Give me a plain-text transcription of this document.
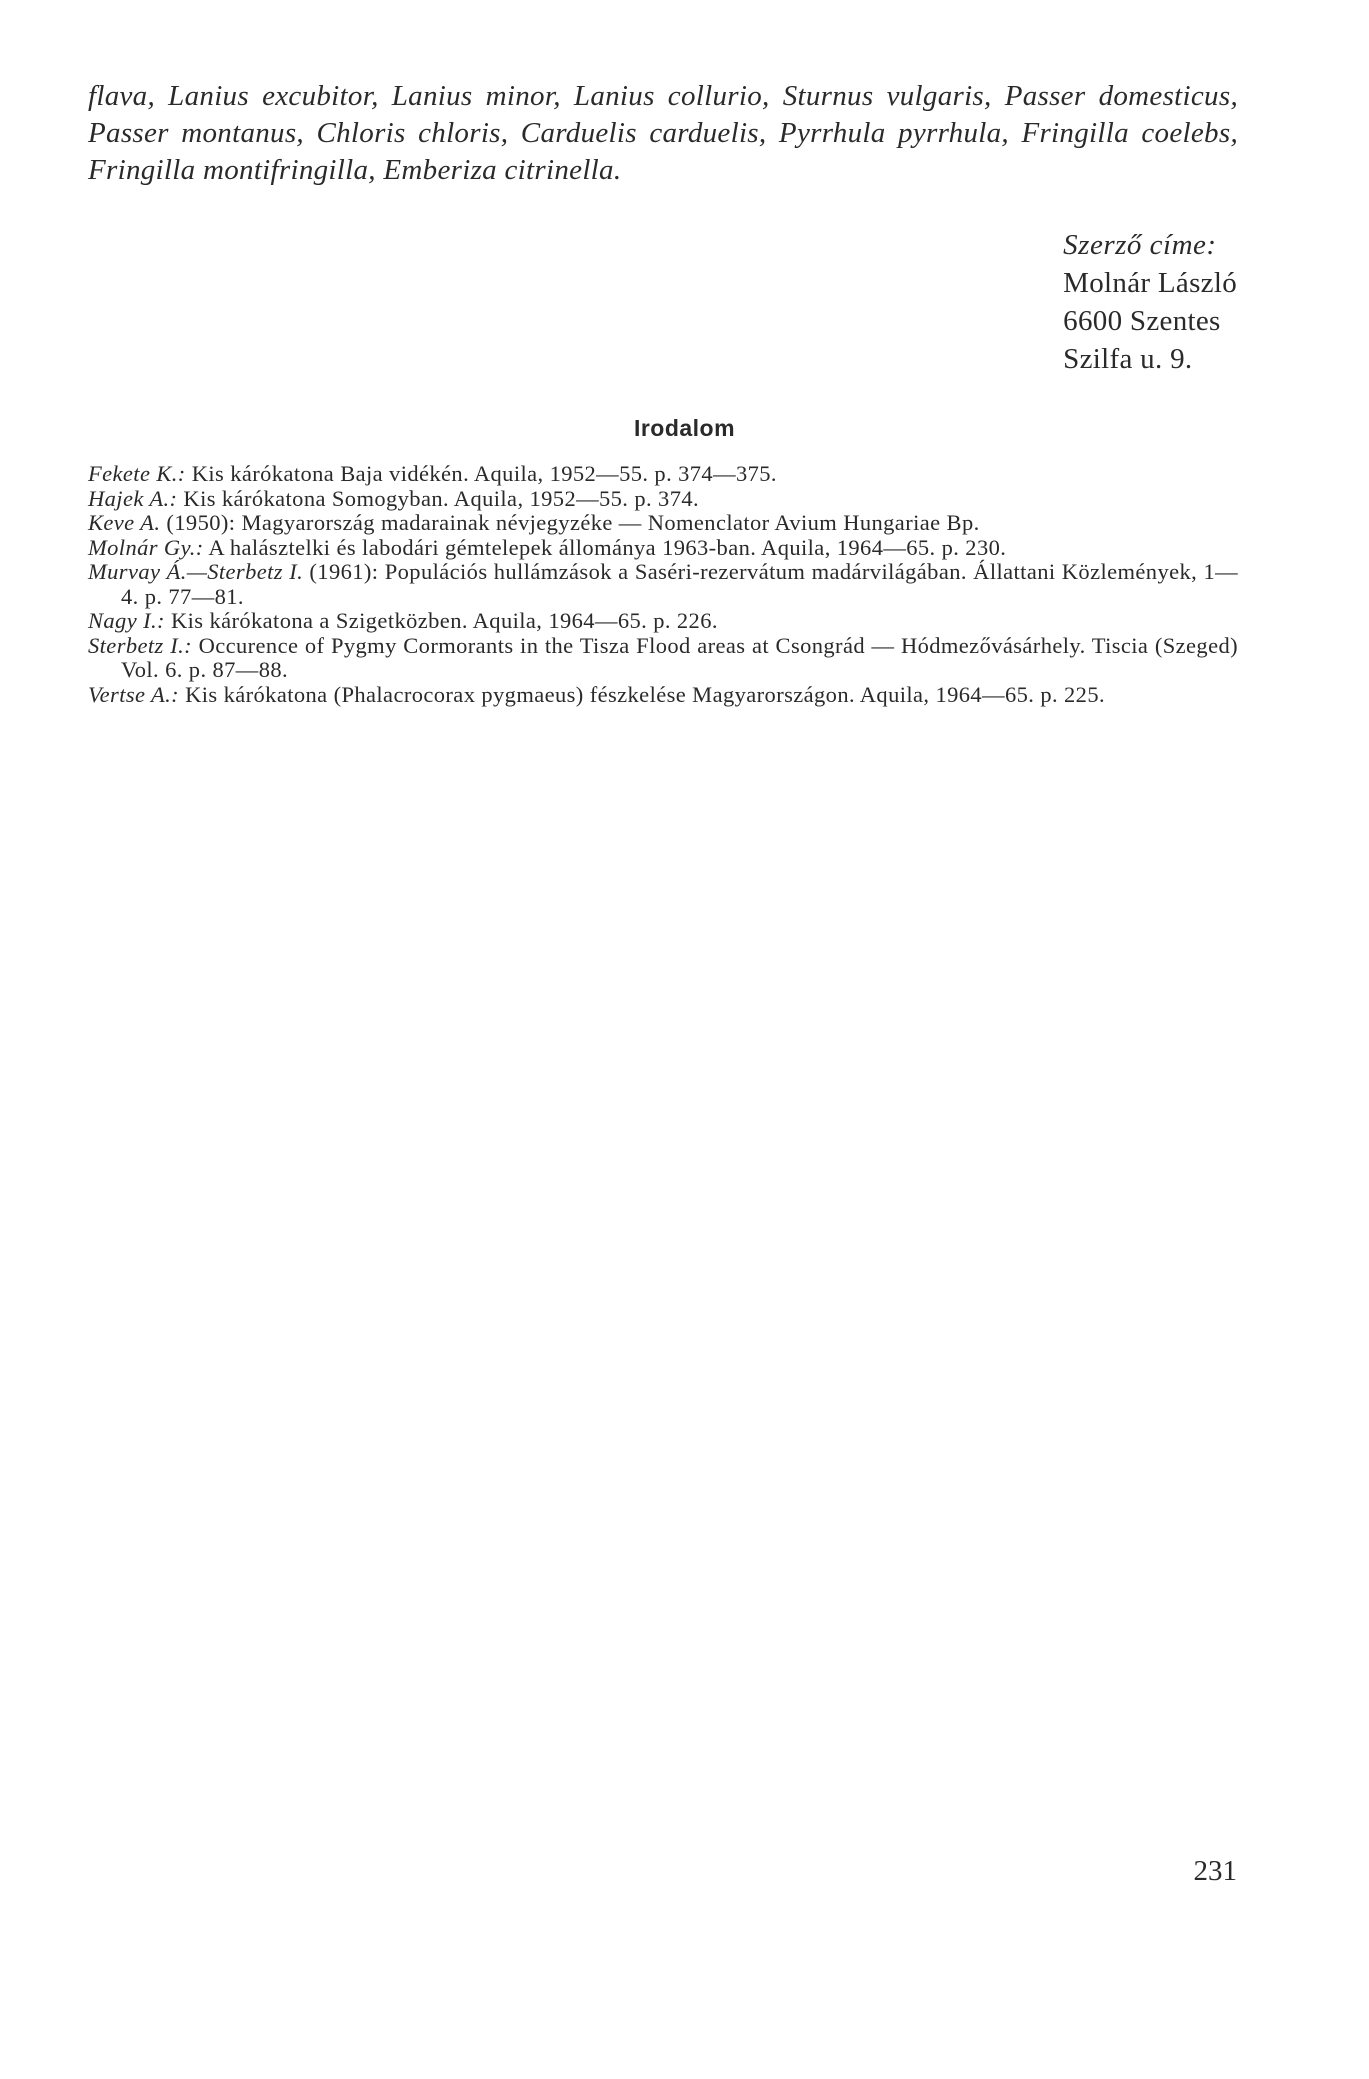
flava, Lanius excubitor, Lanius minor, Lanius collurio, Sturnus vulgaris, Passer domesticus, Passer montanus, Chloris chloris, Carduelis carduelis, Pyrrhula pyrrhula, Fringilla coelebs, Fringilla montifringilla, Emberiza citrinella.

Szerző címe:
Molnár László
6600 Szentes
Szilfa u. 9.
Irodalom
Fekete K.: Kis kárókatona Baja vidékén. Aquila, 1952—55. p. 374—375.
Hajek A.: Kis kárókatona Somogyban. Aquila, 1952—55. p. 374.
Keve A. (1950): Magyarország madarainak névjegyzéke — Nomenclator Avium Hungariae Bp.
Molnár Gy.: A halásztelki és labodári gémtelepek állománya 1963-ban. Aquila, 1964—65. p. 230.
Murvay Á.—Sterbetz I. (1961): Populációs hullámzások a Saséri-rezervátum madárvilágában. Állattani Közlemények, 1—4. p. 77—81.
Nagy I.: Kis kárókatona a Szigetközben. Aquila, 1964—65. p. 226.
Sterbetz I.: Occurence of Pygmy Cormorants in the Tisza Flood areas at Csongrád — Hódmezővásárhely. Tiscia (Szeged) Vol. 6. p. 87—88.
Vertse A.: Kis kárókatona (Phalacrocorax pygmaeus) fészkelése Magyarországon. Aquila, 1964—65. p. 225.

231
